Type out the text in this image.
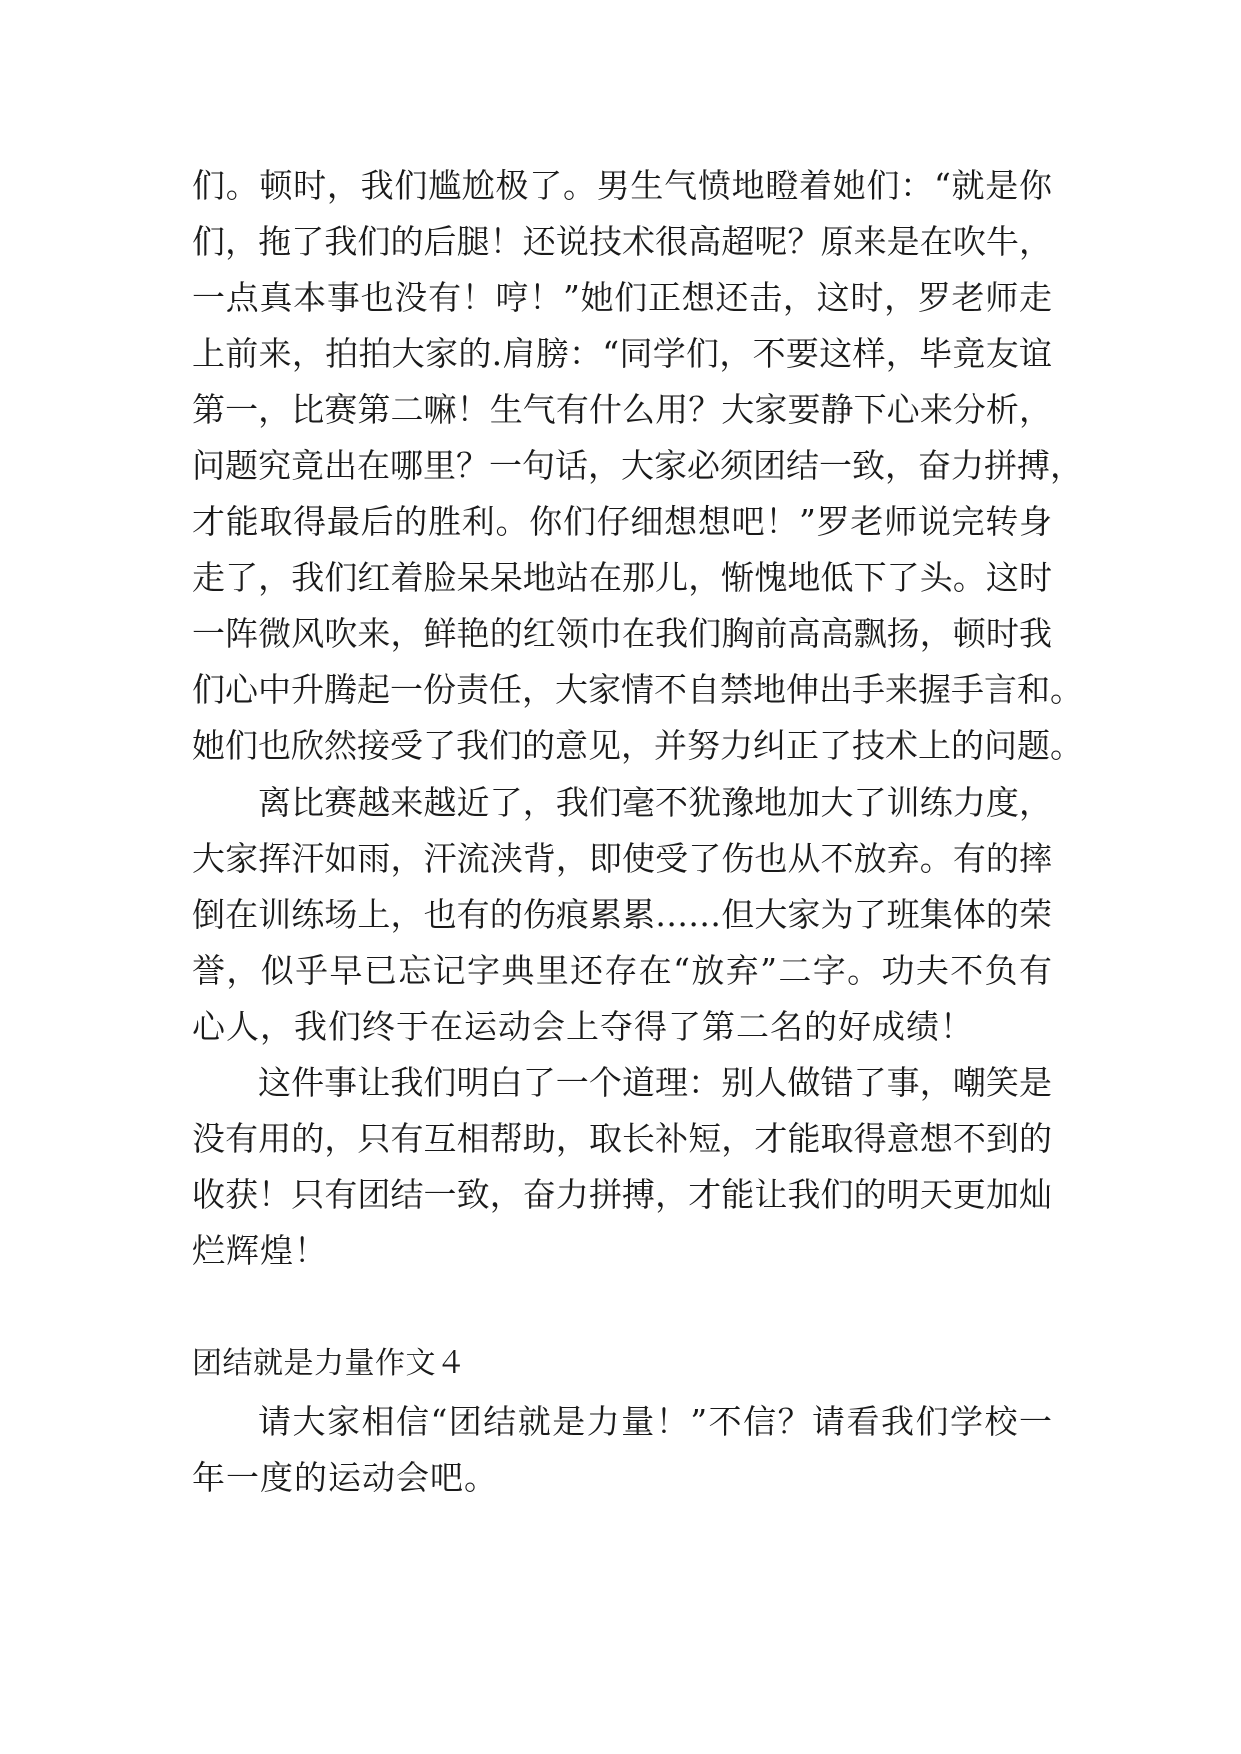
们。顿时，我们尴尬极了。男生气愤地瞪着她们：“就是你
们，拖了我们的后腿！还说技术很高超呢？原来是在吹牛，
一点真本事也没有！哼！”她们正想还击，这时，罗老师走
上前来，拍拍大家的.肩膀：“同学们，不要这样，毕竟友谊
第一，比赛第二嘛！生气有什么用？大家要静下心来分析，
问题究竟出在哪里？一句话，大家必须团结一致，奋力拼搏，
才能取得最后的胜利。你们仔细想想吧！”罗老师说完转身
走了，我们红着脸呆呆地站在那儿，惭愧地低下了头。这时
一阵微风吹来，鲜艳的红领巾在我们胸前高高飘扬，顿时我
们心中升腾起一份责任，大家情不自禁地伸出手来握手言和。
她们也欣然接受了我们的意见，并努力纠正了技术上的问题。
离比赛越来越近了，我们毫不犹豫地加大了训练力度，
大家挥汗如雨，汗流浃背，即使受了伤也从不放弃。有的摔
倒在训练场上，也有的伤痕累累……但大家为了班集体的荣
誉，似乎早已忘记字典里还存在“放弃”二字。功夫不负有
心人，我们终于在运动会上夺得了第二名的好成绩！
这件事让我们明白了一个道理：别人做错了事，嘲笑是
没有用的，只有互相帮助，取长补短，才能取得意想不到的
收获！只有团结一致，奋力拼搏，才能让我们的明天更加灿
烂辉煌！
团结就是力量作文４
请大家相信“团结就是力量！”不信？请看我们学校一
年一度的运动会吧。
